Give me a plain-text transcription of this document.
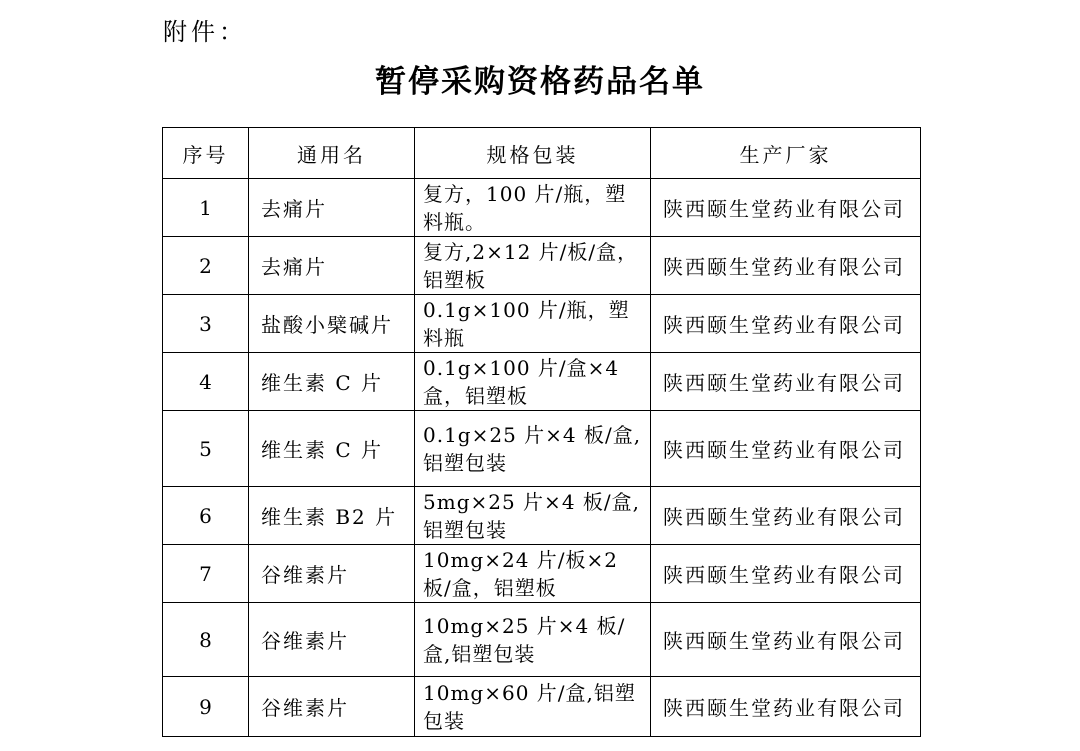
附件：
暂停采购资格药品名单
序号	通用名	规格包装	生产厂家
1	去痛片	复方，100 片/瓶，塑料瓶。	陕西颐生堂药业有限公司
2	去痛片	复方,2×12 片/板/盒，铝塑板	陕西颐生堂药业有限公司
3	盐酸小檗碱片	0.1g×100 片/瓶，塑料瓶	陕西颐生堂药业有限公司
4	维生素 C 片	0.1g×100 片/盒×4 盒，铝塑板	陕西颐生堂药业有限公司
5	维生素 C 片	0.1g×25 片×4 板/盒,铝塑包装	陕西颐生堂药业有限公司
6	维生素 B2 片	5mg×25 片×4 板/盒,铝塑包装	陕西颐生堂药业有限公司
7	谷维素片	10mg×24 片/板×2 板/盒，铝塑板	陕西颐生堂药业有限公司
8	谷维素片	10mg×25 片×4 板/盒,铝塑包装	陕西颐生堂药业有限公司
9	谷维素片	10mg×60 片/盒,铝塑包装	陕西颐生堂药业有限公司
